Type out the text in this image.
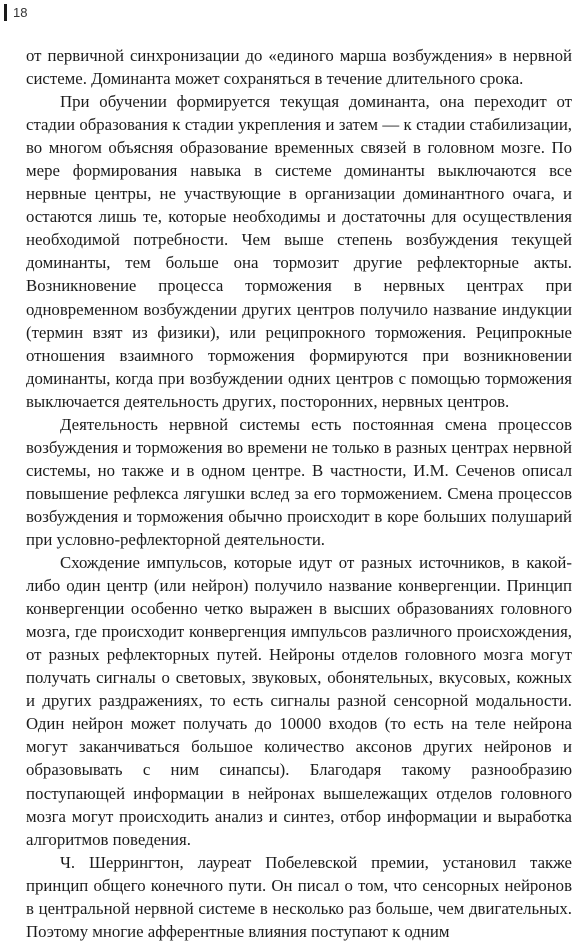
18

от первичной синхронизации до «единого марша возбуждения» в нервной системе. Доминанта может сохраняться в течение длительного срока.

При обучении формируется текущая доминанта, она переходит от стадии образования к стадии укрепления и затем — к стадии стабилизации, во многом объясняя образование временных связей в головном мозге. По мере формирования навыка в системе доминанты выключаются все нервные центры, не участвующие в организации доминантного очага, и остаются лишь те, которые необходимы и достаточны для осуществления необходимой потребности. Чем выше степень возбуждения текущей доминанты, тем больше она тормозит другие рефлекторные акты. Возникновение процесса торможения в нервных центрах при одновременном возбуждении других центров получило название индукции (термин взят из физики), или реципрокного торможения. Реципрокные отношения взаимного торможения формируются при возникновении доминанты, когда при возбуждении одних центров с помощью торможения выключается деятельность других, посторонних, нервных центров.

Деятельность нервной системы есть постоянная смена процессов возбуждения и торможения во времени не только в разных центрах нервной системы, но также и в одном центре. В частности, И.М. Сеченов описал повышение рефлекса лягушки вслед за его торможением. Смена процессов возбуждения и торможения обычно происходит в коре больших полушарий при условно-рефлекторной деятельности.

Схождение импульсов, которые идут от разных источников, в какой-либо один центр (или нейрон) получило название конвергенции. Принцип конвергенции особенно четко выражен в высших образованиях головного мозга, где происходит конвергенция импульсов различного происхождения, от разных рефлекторных путей. Нейроны отделов головного мозга могут получать сигналы о световых, звуковых, обонятельных, вкусовых, кожных и других раздражениях, то есть сигналы разной сенсорной модальности. Один нейрон может получать до 10000 входов (то есть на теле нейрона могут заканчиваться большое количество аксонов других нейронов и образовывать с ним синапсы). Благодаря такому разнообразию поступающей информации в нейронах вышележащих отделов головного мозга могут происходить анализ и синтез, отбор информации и выработка алгоритмов поведения.

Ч. Шеррингтон, лауреат Побелевской премии, установил также принцип общего конечного пути. Он писал о том, что сенсорных нейронов в центральной нервной системе в несколько раз больше, чем двигательных. Поэтому многие афферентные влияния поступают к одним
